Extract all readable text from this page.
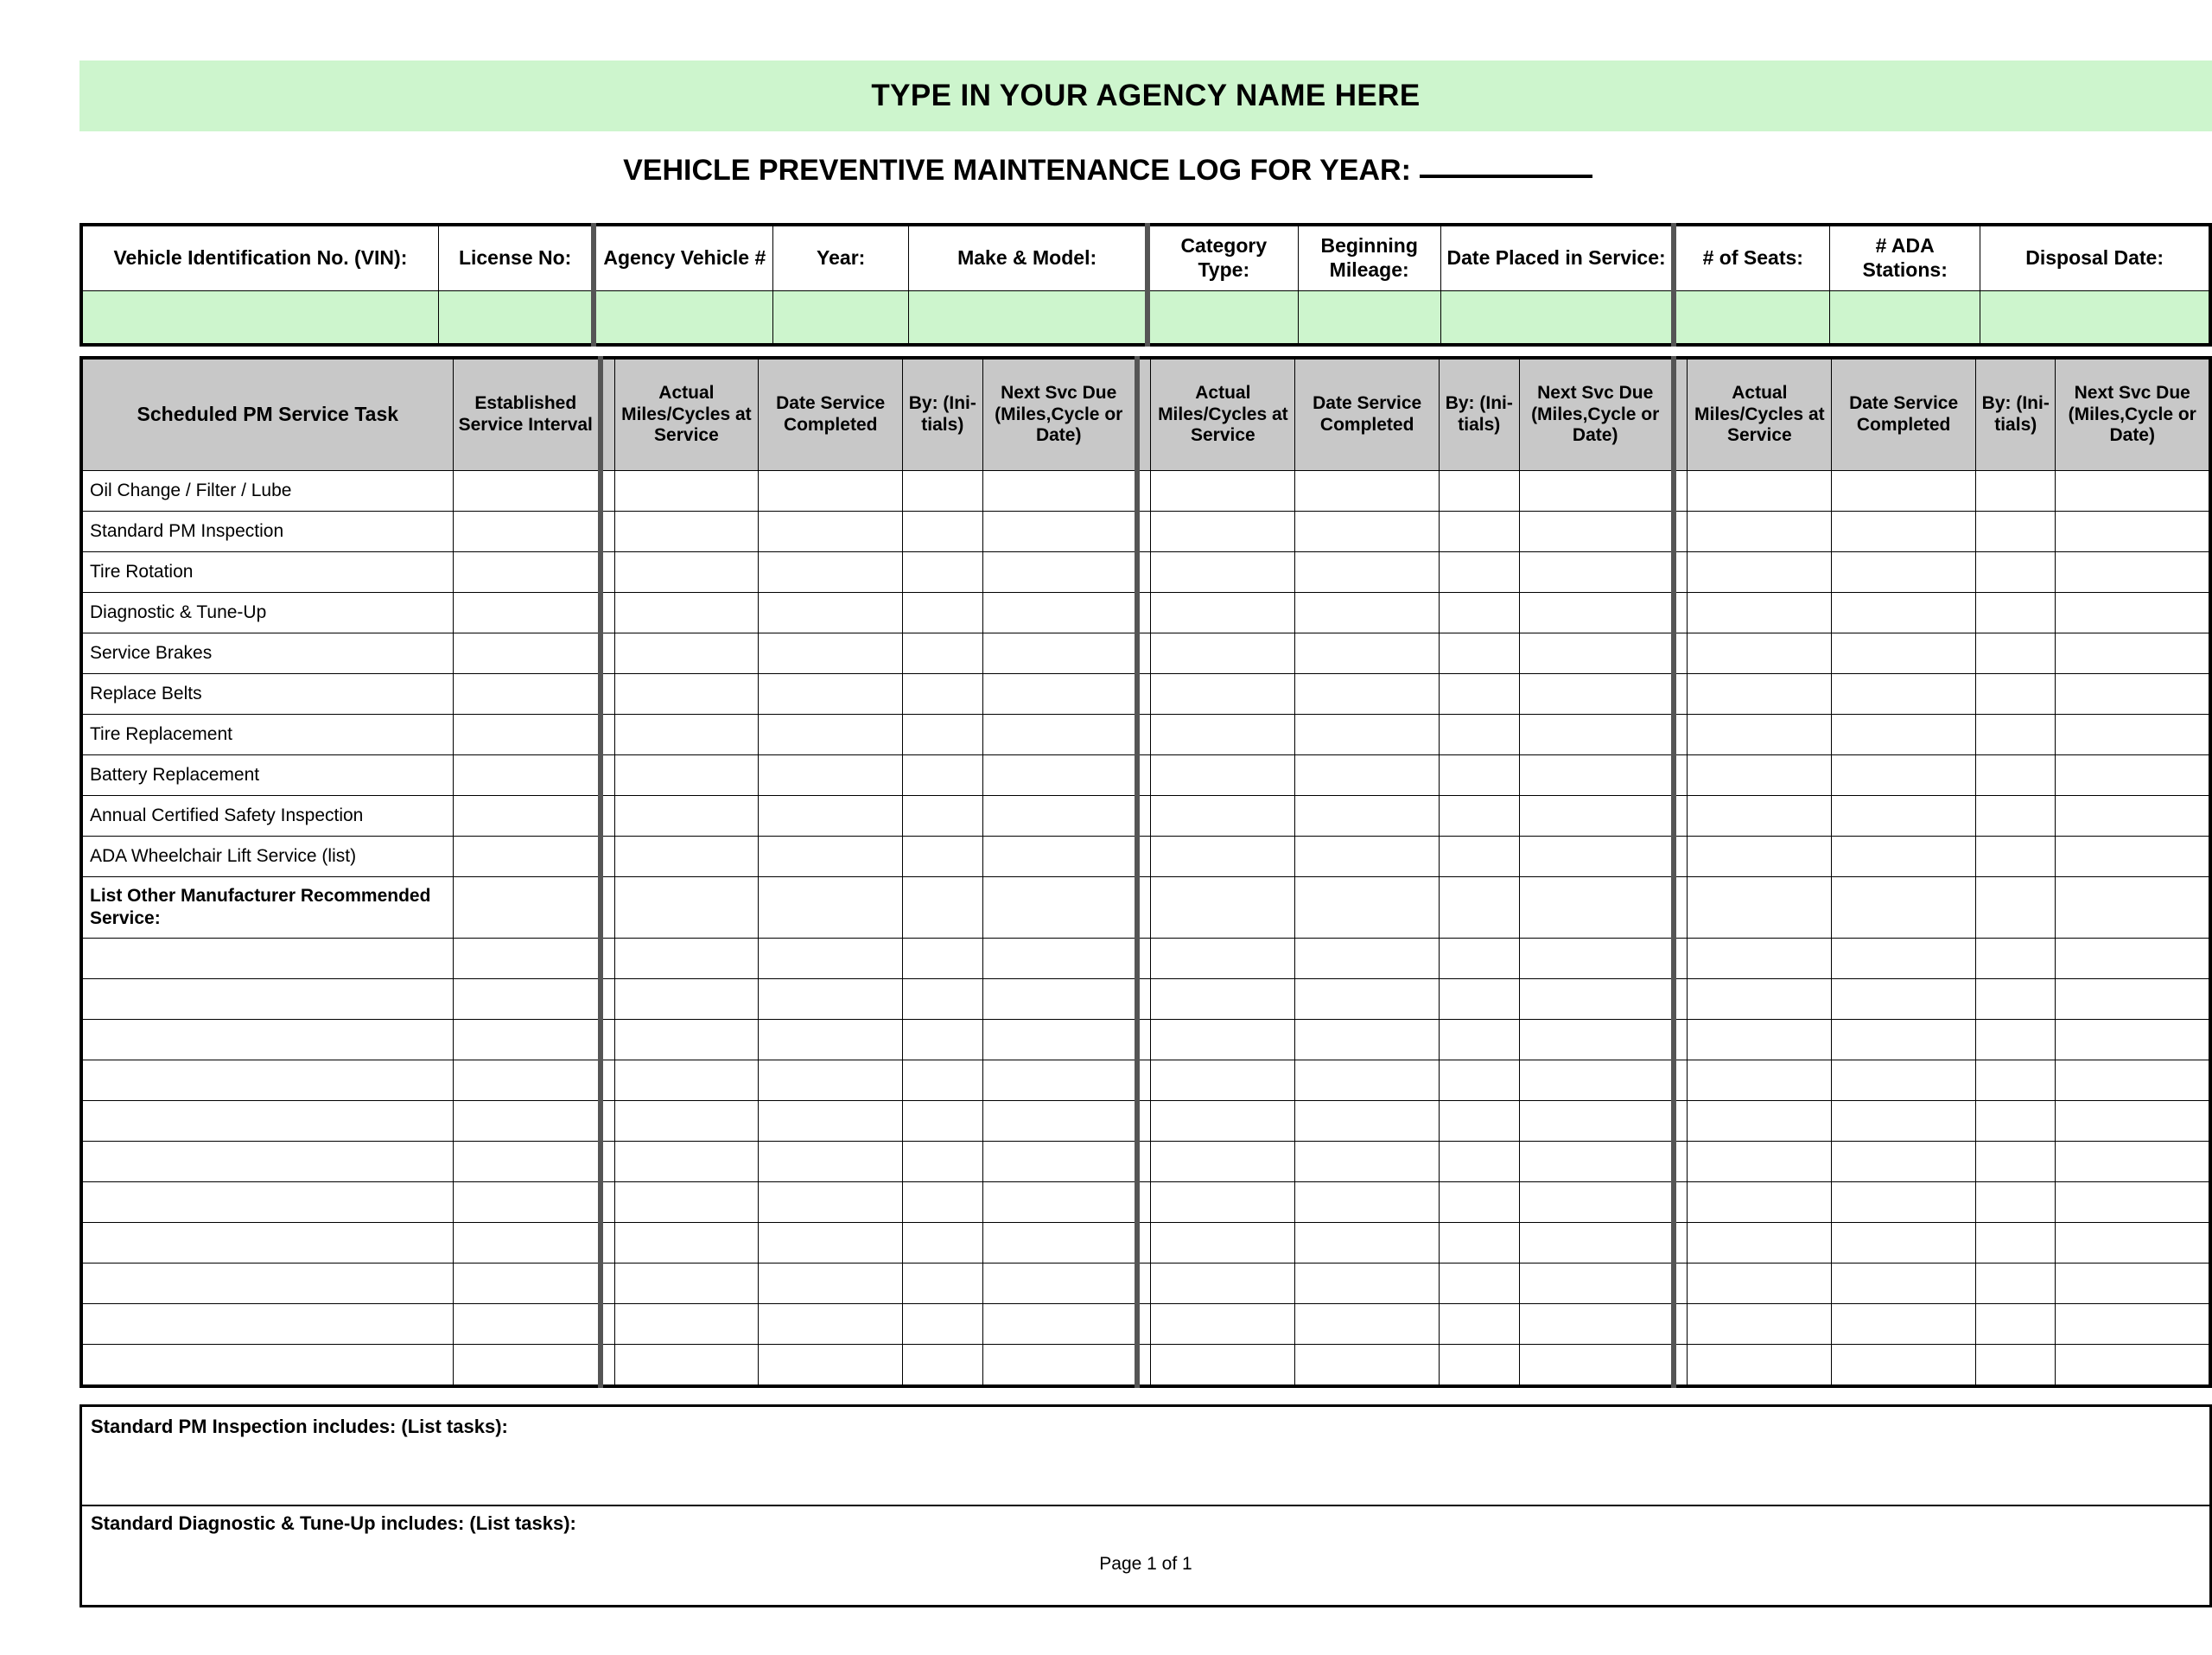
TYPE IN YOUR AGENCY NAME HERE
VEHICLE PREVENTIVE MAINTENANCE LOG FOR YEAR:
Vehicle Identification No. (VIN):	License No:	Agency Vehicle #	Year:	Make & Model:	Category Type:	Beginning Mileage:	Date Placed in Service:	# of Seats:	# ADA Stations:	Disposal Date:

Scheduled PM Service Task	Established Service Interval		Actual Miles/Cycles at Service	Date Service Completed	By: (Ini-tials)	Next Svc Due (Miles,Cycle or Date)		Actual Miles/Cycles at Service	Date Service Completed	By: (Ini-tials)	Next Svc Due (Miles,Cycle or Date)		Actual Miles/Cycles at Service	Date Service Completed	By: (Ini-tials)	Next Svc Due (Miles,Cycle or Date)
Oil Change / Filter / Lube																
Standard PM Inspection																
Tire Rotation																
Diagnostic & Tune-Up																
Service Brakes																
Replace Belts																
Tire Replacement																
Battery Replacement																
Annual Certified Safety Inspection																
ADA Wheelchair Lift Service (list)																
List Other Manufacturer Recommended Service:																

Standard PM Inspection includes: (List tasks):
Standard Diagnostic & Tune-Up includes: (List tasks):
Page 1 of 1
